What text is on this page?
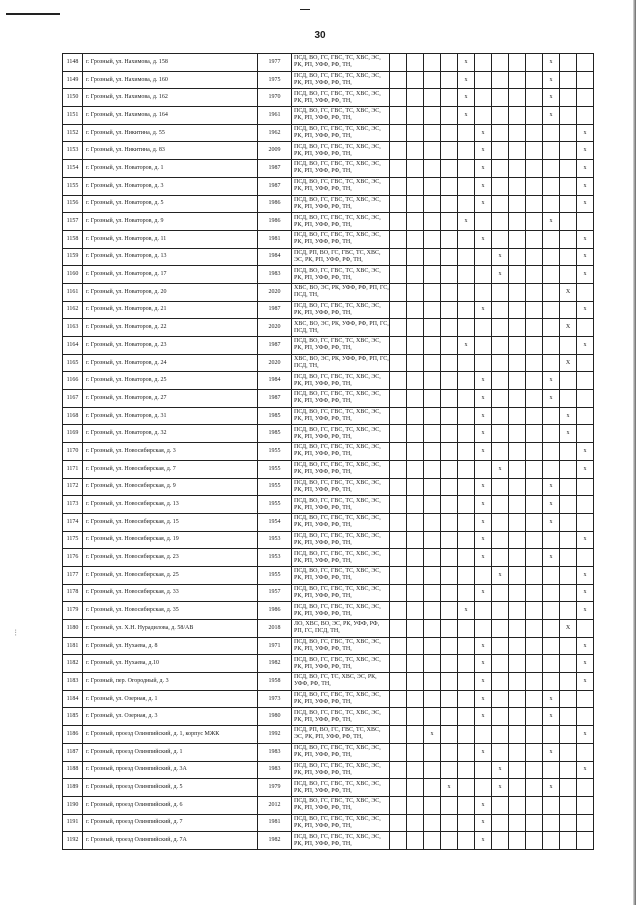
⁝
30
1148	г. Грозный, ул. Нахимова, д. 158	1977	ПСД, ВО, ГС, ГВС, ТС, ХВС, ЭС, РК, РП, УФФ, РФ, ТН,					x					x		
1149	г. Грозный, ул. Нахимова, д. 160	1975	ПСД, ВО, ГС, ГВС, ТС, ХВС, ЭС, РК, РП, УФФ, РФ, ТН,					x					x		
1150	г. Грозный, ул. Нахимова, д. 162	1970	ПСД, ВО, ГС, ГВС, ТС, ХВС, ЭС, РК, РП, УФФ, РФ, ТН,					x					x		
1151	г. Грозный, ул. Нахимова, д. 164	1961	ПСД, ВО, ГС, ГВС, ТС, ХВС, ЭС, РК, РП, УФФ, РФ, ТН,					x					x		
1152	г. Грозный, ул. Никитина, д. 55	1962	ПСД, ВО, ГС, ГВС, ТС, ХВС, ЭС, РК, РП, УФФ, РФ, ТН,						x						x
1153	г. Грозный, ул. Никитина, д. 83	2009	ПСД, ВО, ГС, ГВС, ТС, ХВС, ЭС, РК, РП, УФФ, РФ, ТН,						x						x
1154	г. Грозный, ул. Новаторов, д. 1	1987	ПСД, ВО, ГС, ГВС, ТС, ХВС, ЭС, РК, РП, УФФ, РФ, ТН,						x						x
1155	г. Грозный, ул. Новаторов, д. 3	1987	ПСД, ВО, ГС, ГВС, ТС, ХВС, ЭС, РК, РП, УФФ, РФ, ТН,						x						x
1156	г. Грозный, ул. Новаторов, д. 5	1986	ПСД, ВО, ГС, ГВС, ТС, ХВС, ЭС, РК, РП, УФФ, РФ, ТН,						x						x
1157	г. Грозный, ул. Новаторов, д. 9	1986	ПСД, ВО, ГС, ГВС, ТС, ХВС, ЭС, РК, РП, УФФ, РФ, ТН,					x					x		
1158	г. Грозный, ул. Новаторов, д. 11	1981	ПСД, ВО, ГС, ГВС, ТС, ХВС, ЭС, РК, РП, УФФ, РФ, ТН,						x						x
1159	г. Грозный, ул. Новаторов, д. 13	1984	ПСД, РП, ВО, ГС, ГВС, ТС, ХВС, ЭС, РК, РП, УФФ, РФ, ТН,							x					x
1160	г. Грозный, ул. Новаторов, д. 17	1983	ПСД, ВО, ГС, ГВС, ТС, ХВС, ЭС, РК, РП, УФФ, РФ, ТН,							x					x
1161	г. Грозный, ул. Новаторов, д. 20	2020	ХВС, ВО, ЭС, РК, УФФ, РФ, РП, ГС, ПСД, ТН,											X	
1162	г. Грозный, ул. Новаторов, д. 21	1987	ПСД, ВО, ГС, ГВС, ТС, ХВС, ЭС, РК, РП, УФФ, РФ, ТН,						x						x
1163	г. Грозный, ул. Новаторов, д. 22	2020	ХВС, ВО, ЭС, РК, УФФ, РФ, РП, ГС, ПСД, ТН,											X	
1164	г. Грозный, ул. Новаторов, д. 23	1987	ПСД, ВО, ГС, ГВС, ТС, ХВС, ЭС, РК, РП, УФФ, РФ, ТН,					x							x
1165	г. Грозный, ул. Новаторов, д. 24	2020	ХВС, ВО, ЭС, РК, УФФ, РФ, РП, ГС, ПСД, ТН,											X	
1166	г. Грозный, ул. Новаторов, д. 25	1984	ПСД, ВО, ГС, ГВС, ТС, ХВС, ЭС, РК, РП, УФФ, РФ, ТН,						x				x		
1167	г. Грозный, ул. Новаторов, д. 27	1987	ПСД, ВО, ГС, ГВС, ТС, ХВС, ЭС, РК, РП, УФФ, РФ, ТН,						x				x		
1168	г. Грозный, ул. Новаторов, д. 31	1985	ПСД, ВО, ГС, ГВС, ТС, ХВС, ЭС, РК, РП, УФФ, РФ, ТН,						x					x	
1169	г. Грозный, ул. Новаторов, д. 32	1985	ПСД, ВО, ГС, ГВС, ТС, ХВС, ЭС, РК, РП, УФФ, РФ, ТН,						x					x	
1170	г. Грозный, ул. Новосибирская, д. 3	1955	ПСД, ВО, ГС, ГВС, ТС, ХВС, ЭС, РК, РП, УФФ, РФ, ТН,						x						x
1171	г. Грозный, ул. Новосибирская, д. 7	1955	ПСД, ВО, ГС, ГВС, ТС, ХВС, ЭС, РК, РП, УФФ, РФ, ТН,							x					x
1172	г. Грозный, ул. Новосибирская, д. 9	1955	ПСД, ВО, ГС, ГВС, ТС, ХВС, ЭС, РК, РП, УФФ, РФ, ТН,						x				x		
1173	г. Грозный, ул. Новосибирская, д. 13	1955	ПСД, ВО, ГС, ГВС, ТС, ХВС, ЭС, РК, РП, УФФ, РФ, ТН,						x				x		
1174	г. Грозный, ул. Новосибирская, д. 15	1954	ПСД, ВО, ГС, ГВС, ТС, ХВС, ЭС, РК, РП, УФФ, РФ, ТН,						x				x		
1175	г. Грозный, ул. Новосибирская, д. 19	1953	ПСД, ВО, ГС, ГВС, ТС, ХВС, ЭС, РК, РП, УФФ, РФ, ТН,						x						x
1176	г. Грозный, ул. Новосибирская, д. 23	1953	ПСД, ВО, ГС, ГВС, ТС, ХВС, ЭС, РК, РП, УФФ, РФ, ТН,						x				x		
1177	г. Грозный, ул. Новосибирская, д. 25	1955	ПСД, ВО, ГС, ГВС, ТС, ХВС, ЭС, РК, РП, УФФ, РФ, ТН,							x					x
1178	г. Грозный, ул. Новосибирская, д. 33	1957	ПСД, ВО, ГС, ГВС, ТС, ХВС, ЭС, РК, РП, УФФ, РФ, ТН,						x						x
1179	г. Грозный, ул. Новосибирская, д. 35	1986	ПСД, ВО, ГС, ГВС, ТС, ХВС, ЭС, РК, РП, УФФ, РФ, ТН,					x							x
1180	г. Грозный, ул. Х.Н. Нурадилова, д. 58/АВ	2018	ЛО, ХВС, ВО, ЭС, РК, УФФ, РФ, РП, ГС, ПСД, ТН,											X	
1181	г. Грозный, ул. Нухаева, д. 8	1971	ПСД, ВО, ГС, ГВС, ТС, ХВС, ЭС, РК, РП, УФФ, РФ, ТН,						x						x
1182	г. Грозный, ул. Нухаева, д.10	1982	ПСД, ВО, ГС, ГВС, ТС, ХВС, ЭС, РК, РП, УФФ, РФ, ТН,						x						x
1183	г. Грозный, пер. Огородный, д. 3	1958	ПСД, ВО, ГС, ТС, ХВС, ЭС, РК, УФФ, РФ, ТН,						x						x
1184	г. Грозный, ул. Озерная, д. 1	1973	ПСД, ВО, ГС, ГВС, ТС, ХВС, ЭС, РК, РП, УФФ, РФ, ТН,						x				x		
1185	г. Грозный, ул. Озерная, д. 3	1980	ПСД, ВО, ГС, ГВС, ТС, ХВС, ЭС, РК, РП, УФФ, РФ, ТН,						x				x		
1186	г. Грозный, проезд Олимпийский, д. 1, корпус МЖК	1992	ПСД, РП, ВО, ГС, ГВС, ТС, ХВС, ЭС, РК, РП, УФФ, РФ, ТН,			x									x
1187	г. Грозный, проезд Олимпийский, д. 1	1983	ПСД, ВО, ГС, ГВС, ТС, ХВС, ЭС, РК, РП, УФФ, РФ, ТН,						x				x		
1188	г. Грозный, проезд Олимпийский, д. 3А	1983	ПСД, ВО, ГС, ГВС, ТС, ХВС, ЭС, РК, РП, УФФ, РФ, ТН,							x					x
1189	г. Грозный, проезд Олимпийский, д. 5	1979	ПСД, ВО, ГС, ГВС, ТС, ХВС, ЭС, РК, РП, УФФ, РФ, ТН,				x			x			x		
1190	г. Грозный, проезд Олимпийский, д. 6	2012	ПСД, ВО, ГС, ГВС, ТС, ХВС, ЭС, РК, РП, УФФ, РФ, ТН,						x						
1191	г. Грозный, проезд Олимпийский, д. 7	1981	ПСД, ВО, ГС, ГВС, ТС, ХВС, ЭС, РК, РП, УФФ, РФ, ТН,						x						
1192	г. Грозный, проезд Олимпийский, д. 7А	1982	ПСД, ВО, ГС, ГВС, ТС, ХВС, ЭС, РК, РП, УФФ, РФ, ТН,						x						
